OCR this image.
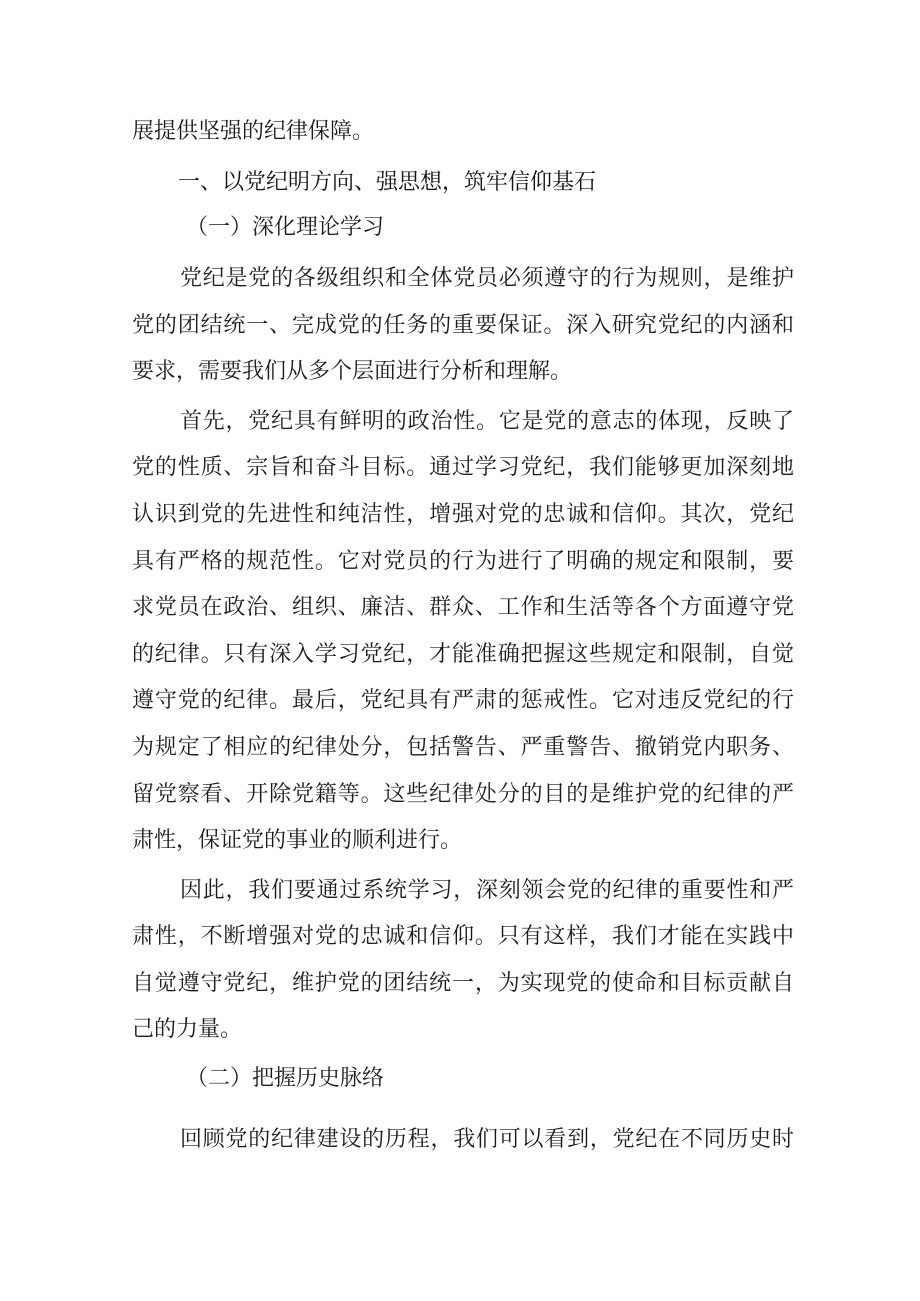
展提供坚强的纪律保障。
一、以党纪明方向、强思想，筑牢信仰基石
（一）深化理论学习
党纪是党的各级组织和全体党员必须遵守的行为规则，是维护
党的团结统一、完成党的任务的重要保证。深入研究党纪的内涵和
要求，需要我们从多个层面进行分析和理解。
首先，党纪具有鲜明的政治性。它是党的意志的体现，反映了
党的性质、宗旨和奋斗目标。通过学习党纪，我们能够更加深刻地
认识到党的先进性和纯洁性，增强对党的忠诚和信仰。其次，党纪
具有严格的规范性。它对党员的行为进行了明确的规定和限制，要
求党员在政治、组织、廉洁、群众、工作和生活等各个方面遵守党
的纪律。只有深入学习党纪，才能准确把握这些规定和限制，自觉
遵守党的纪律。最后，党纪具有严肃的惩戒性。它对违反党纪的行
为规定了相应的纪律处分，包括警告、严重警告、撤销党内职务、
留党察看、开除党籍等。这些纪律处分的目的是维护党的纪律的严
肃性，保证党的事业的顺利进行。
因此，我们要通过系统学习，深刻领会党的纪律的重要性和严
肃性，不断增强对党的忠诚和信仰。只有这样，我们才能在实践中
自觉遵守党纪，维护党的团结统一，为实现党的使命和目标贡献自
己的力量。
（二）把握历史脉络
回顾党的纪律建设的历程，我们可以看到，党纪在不同历史时
